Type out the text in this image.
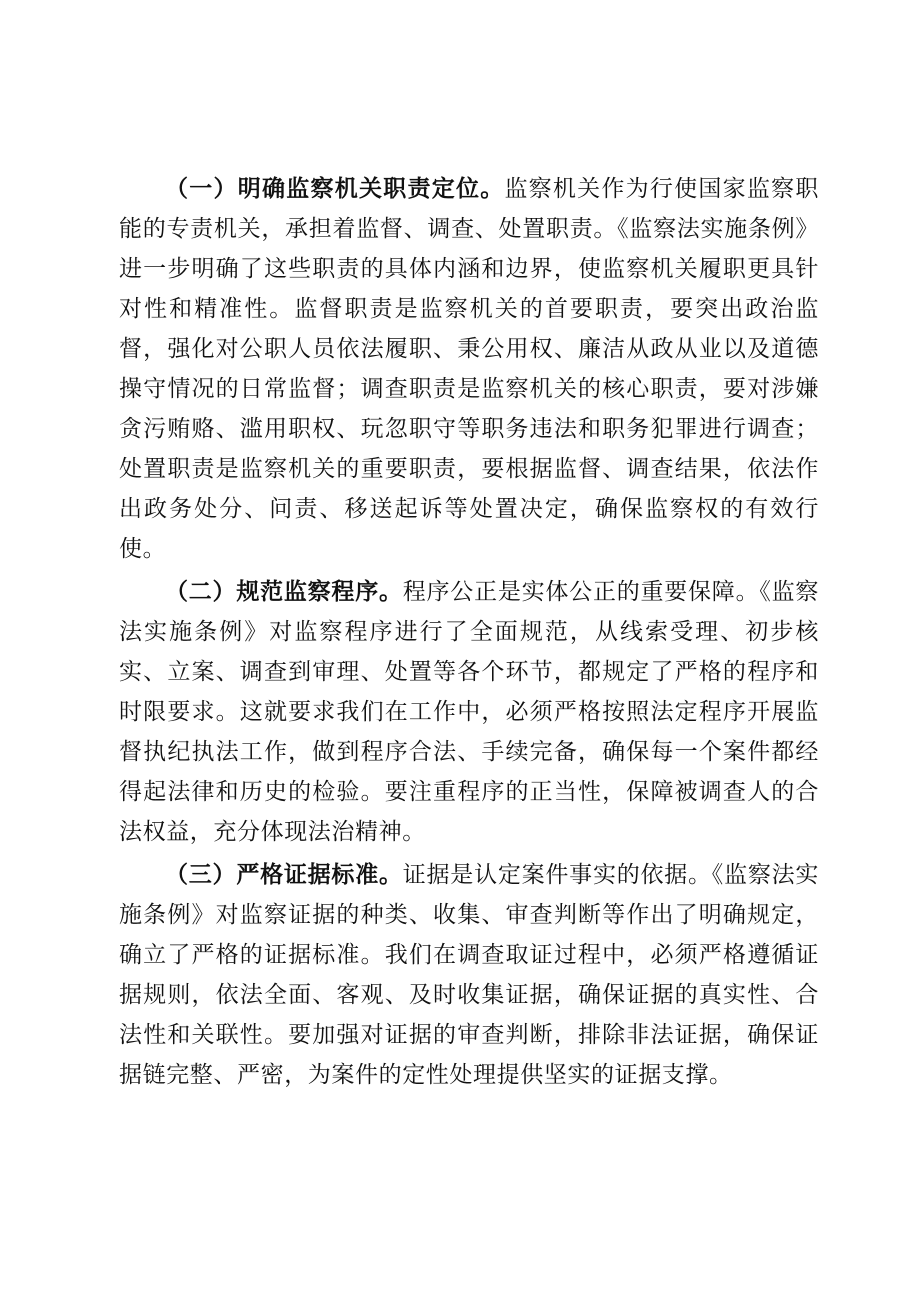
（一）明确监察机关职责定位。监察机关作为行使国家监察职能的专责机关，承担着监督、调查、处置职责。《监察法实施条例》进一步明确了这些职责的具体内涵和边界，使监察机关履职更具针对性和精准性。监督职责是监察机关的首要职责，要突出政治监督，强化对公职人员依法履职、秉公用权、廉洁从政从业以及道德操守情况的日常监督；调查职责是监察机关的核心职责，要对涉嫌贪污贿赂、滥用职权、玩忽职守等职务违法和职务犯罪进行调查；处置职责是监察机关的重要职责，要根据监督、调查结果，依法作出政务处分、问责、移送起诉等处置决定，确保监察权的有效行使。

（二）规范监察程序。程序公正是实体公正的重要保障。《监察法实施条例》对监察程序进行了全面规范，从线索受理、初步核实、立案、调查到审理、处置等各个环节，都规定了严格的程序和时限要求。这就要求我们在工作中，必须严格按照法定程序开展监督执纪执法工作，做到程序合法、手续完备，确保每一个案件都经得起法律和历史的检验。要注重程序的正当性，保障被调查人的合法权益，充分体现法治精神。

（三）严格证据标准。证据是认定案件事实的依据。《监察法实施条例》对监察证据的种类、收集、审查判断等作出了明确规定，确立了严格的证据标准。我们在调查取证过程中，必须严格遵循证据规则，依法全面、客观、及时收集证据，确保证据的真实性、合法性和关联性。要加强对证据的审查判断，排除非法证据，确保证据链完整、严密，为案件的定性处理提供坚实的证据支撑。
